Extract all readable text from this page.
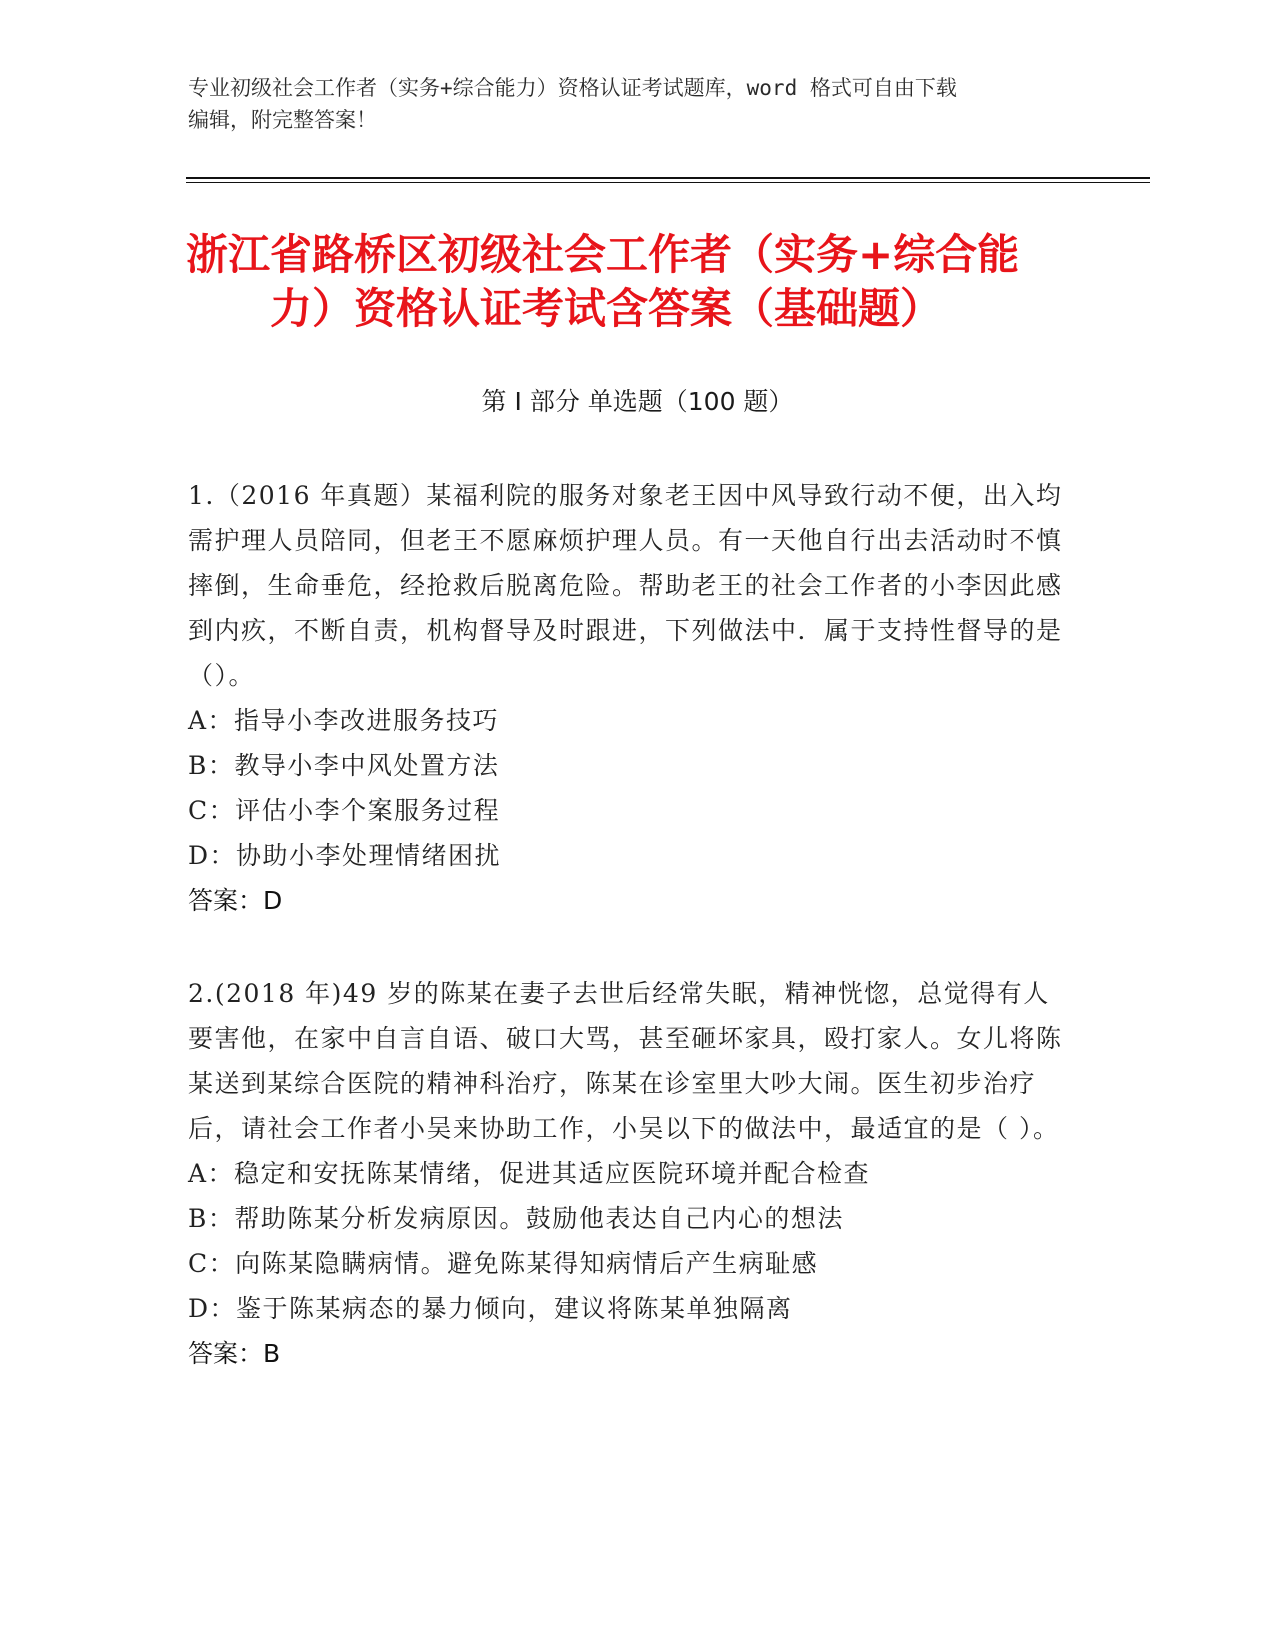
专业初级社会工作者（实务+综合能力）资格认证考试题库，word 格式可自由下载
编辑，附完整答案！
浙江省路桥区初级社会工作者（实务+综合能
力）资格认证考试含答案（基础题）
第 I 部分 单选题（100 题）

1.（2016 年真题）某福利院的服务对象老王因中风导致行动不便，出入均需护理人员陪同，但老王不愿麻烦护理人员。有一天他自行出去活动时不慎摔倒，生命垂危，经抢救后脱离危险。帮助老王的社会工作者的小李因此感到内疚，不断自责，机构督导及时跟进，下列做法中．属于支持性督导的是（）。

A：指导小李改进服务技巧

B：教导小李中风处置方法

C：评估小李个案服务过程

D：协助小李处理情绪困扰

答案：D

2.(2018 年)49 岁的陈某在妻子去世后经常失眠，精神恍惚，总觉得有人要害他，在家中自言自语、破口大骂，甚至砸坏家具，殴打家人。女儿将陈某送到某综合医院的精神科治疗，陈某在诊室里大吵大闹。医生初步治疗后，请社会工作者小吴来协助工作，小吴以下的做法中，最适宜的是（ ）。

A：稳定和安抚陈某情绪，促进其适应医院环境并配合检查

B：帮助陈某分析发病原因。鼓励他表达自己内心的想法

C：向陈某隐瞒病情。避免陈某得知病情后产生病耻感

D：鉴于陈某病态的暴力倾向，建议将陈某单独隔离

答案：B
